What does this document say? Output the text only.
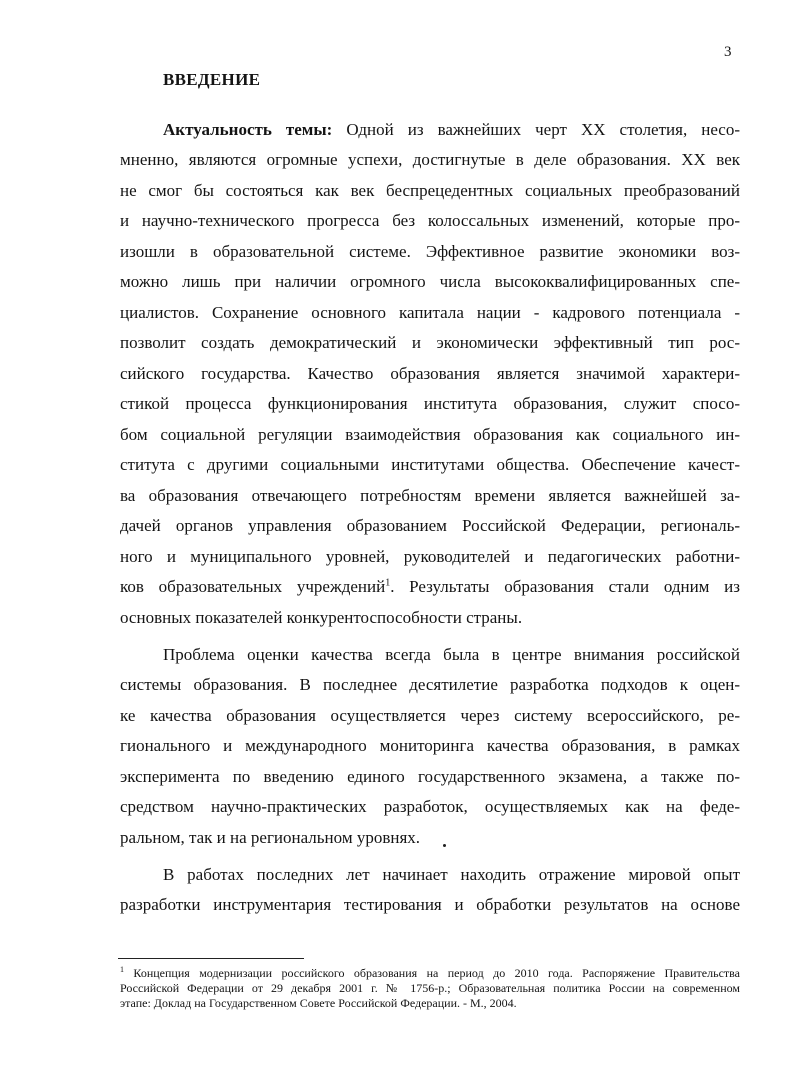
3
ВВЕДЕНИЕ
Актуальность темы: Одной из важнейших черт XX столетия, несо-
мненно, являются огромные успехи, достигнутые в деле образования. XX век
не смог бы состояться как век беспрецедентных социальных преобразований
и научно-технического прогресса без колоссальных изменений, которые про-
изошли в образовательной системе. Эффективное развитие экономики воз-
можно лишь при наличии огромного числа высококвалифицированных спе-
циалистов. Сохранение основного капитала нации - кадрового потенциала -
позволит создать демократический и экономически эффективный тип рос-
сийского государства. Качество образования является значимой характери-
стикой процесса функционирования института образования, служит спосо-
бом социальной регуляции взаимодействия образования как социального ин-
ститута с другими социальными институтами общества. Обеспечение качест-
ва образования отвечающего потребностям времени является важнейшей за-
дачей органов управления образованием Российской Федерации, региональ-
ного и муниципального уровней, руководителей и педагогических работни-
ков образовательных учреждений$^1$. Результаты образования стали одним из
основных показателей конкурентоспособности страны.
Проблема оценки качества всегда была в центре внимания российской
системы образования. В последнее десятилетие разработка подходов к оцен-
ке качества образования осуществляется через систему всероссийского, ре-
гионального и международного мониторинга качества образования, в рамках
эксперимента по введению единого государственного экзамена, а также по-
средством научно-практических разработок, осуществляемых как на феде-
ральном, так и на региональном уровнях.
В работах последних лет начинает находить отражение мировой опыт
разработки инструментария тестирования и обработки результатов на основе
$^1$ Концепция модернизации российского образования на период до 2010 года. Распоряжение Правительства
Российской Федерации от 29 декабря 2001 г. № 1756-р.; Образовательная политика России на современном
этапе: Доклад на Государственном Совете Российской Федерации. - М., 2004.
